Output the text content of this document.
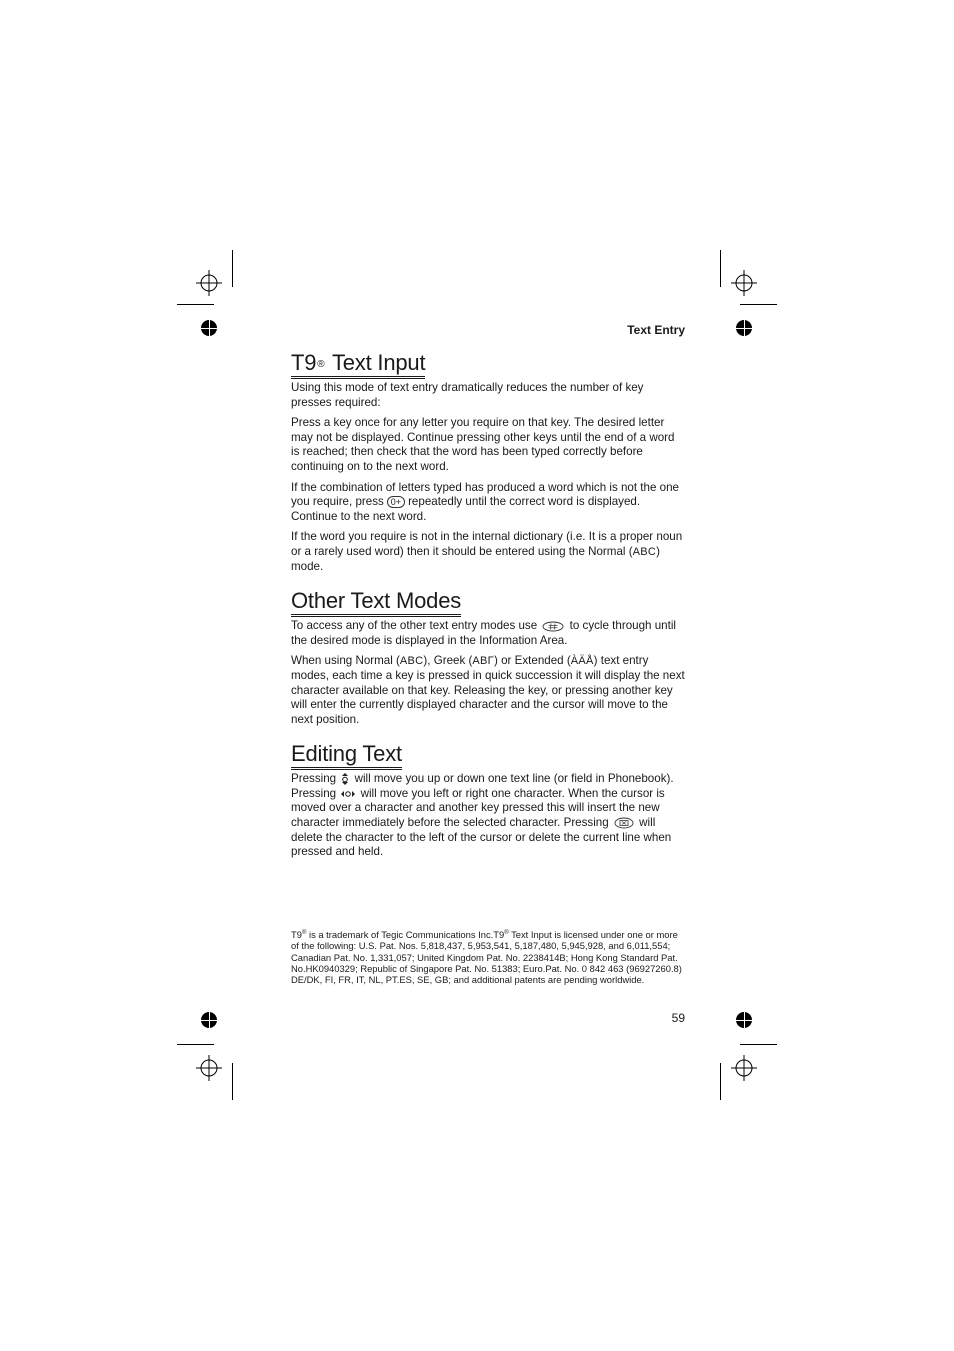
Text Entry
T9® Text Input

Using this mode of text entry dramatically reduces the number of key presses required:

Press a key once for any letter you require on that key. The desired letter may not be displayed. Continue pressing other keys until the end of a word is reached; then check that the word has been typed correctly before continuing on to the next word.

If the combination of letters typed has produced a word which is not the one you require, press 0+ repeatedly until the correct word is displayed. Continue to the next word.

If the word you require is not in the internal dictionary (i.e. It is a proper noun or a rarely used word) then it should be entered using the Normal (ABC) mode.

Other Text Modes

To access any of the other text entry modes use	to cycle through until the desired mode is displayed in the Information Area.

When using Normal (ABC), Greek (ABΓ) or Extended (ÀÄÅ) text entry modes, each time a key is pressed in quick succession it will display the next character available on that key. Releasing the key, or pressing another key will enter the currently displayed character and the cursor will move to the next position.

Editing Text

Pressing will move you up or down one text line (or field in Phonebook). Pressing will move you left or right one character. When the cursor is moved over a character and another key pressed this will insert the new character immediately before the selected character. Pressing	will delete the character to the left of the cursor or delete the current line when pressed and held.

T9® is a trademark of Tegic Communications Inc.T9® Text Input is licensed under one or more of the following: U.S. Pat. Nos. 5,818,437, 5,953,541, 5,187,480, 5,945,928, and 6,011,554; Canadian Pat. No. 1,331,057; United Kingdom Pat. No. 2238414B; Hong Kong Standard Pat. No.HK0940329; Republic of Singapore Pat. No. 51383; Euro.Pat. No. 0 842 463 (96927260.8) DE/DK, FI, FR, IT, NL, PT.ES, SE, GB; and additional patents are pending worldwide.

59
